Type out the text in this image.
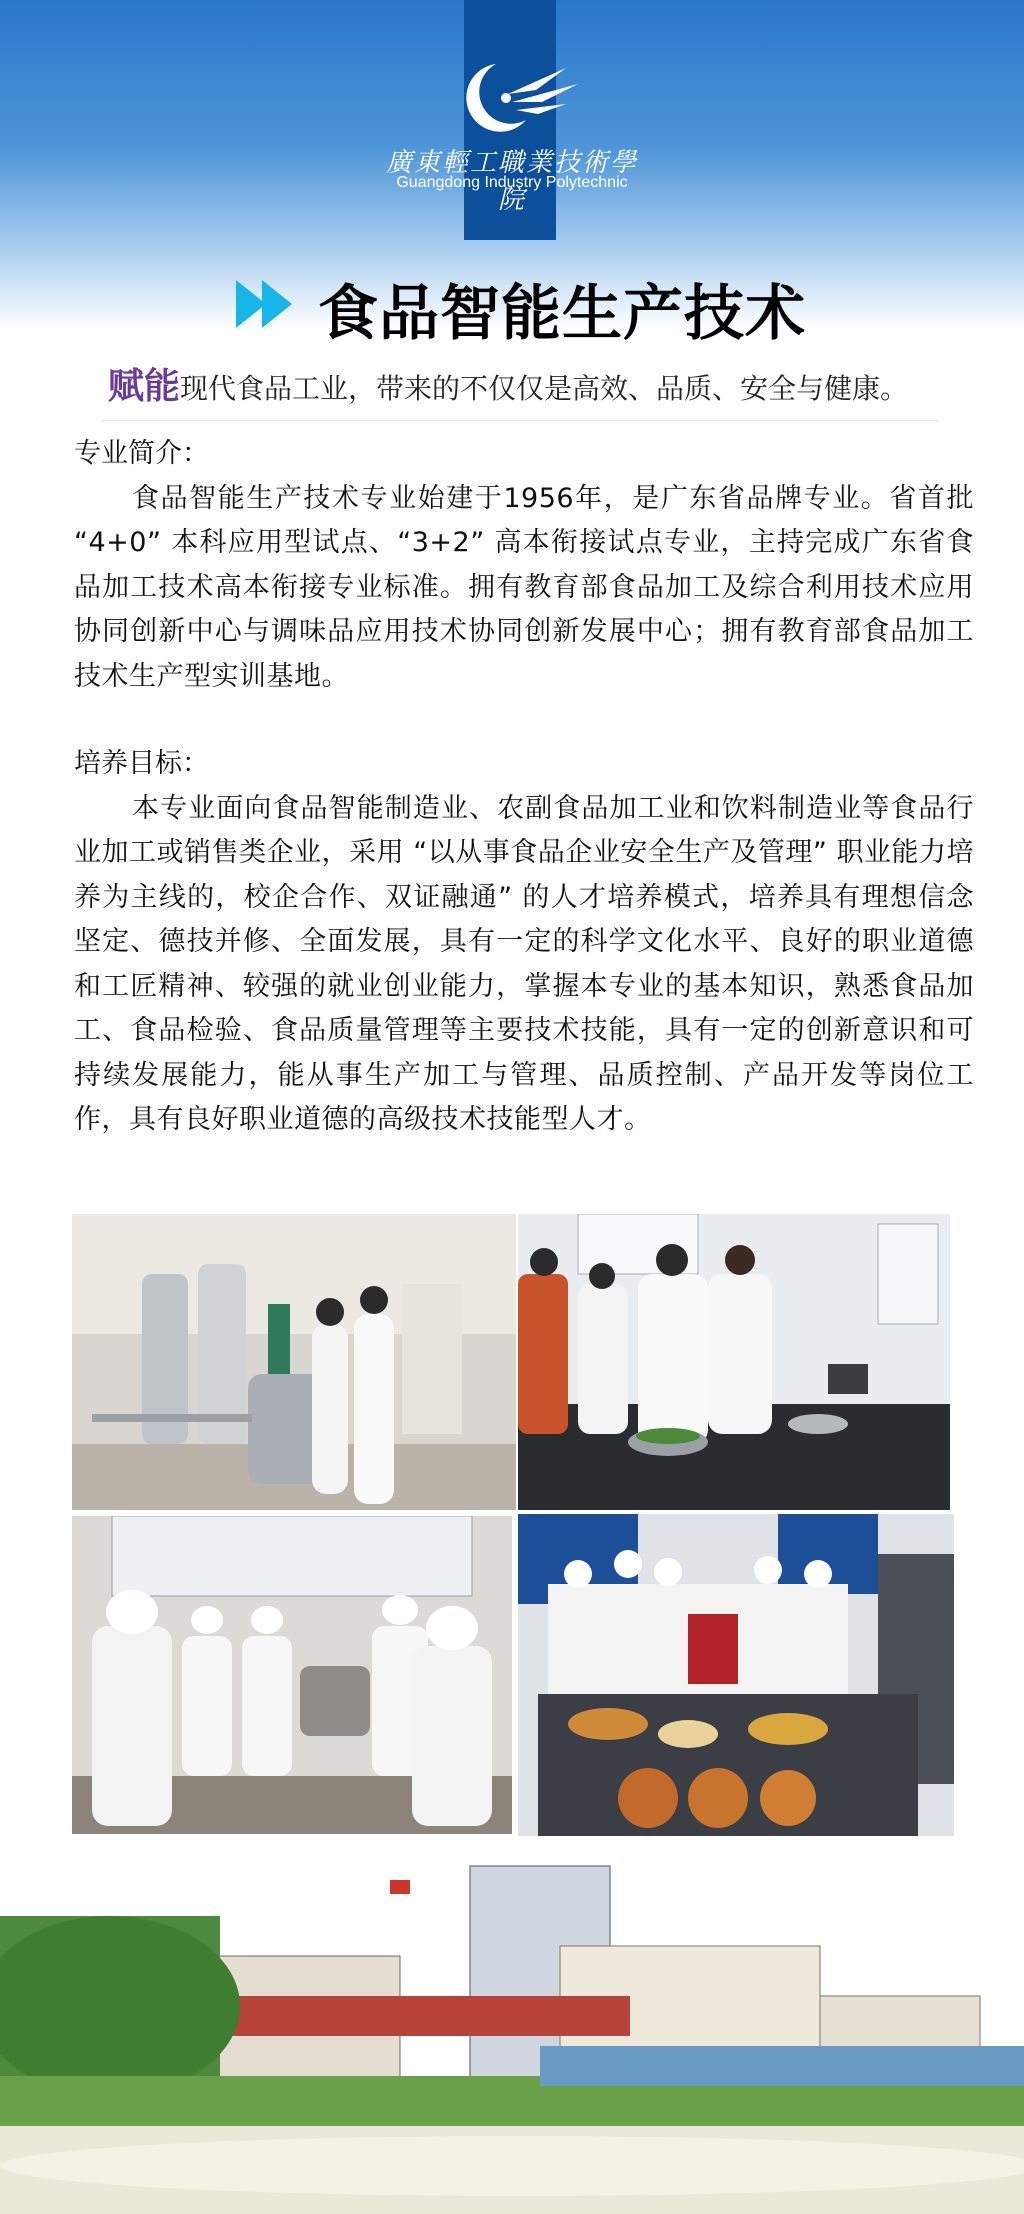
廣東輕工職業技術學院
Guangdong Industry Polytechnic
食品智能生产技术
赋能现代食品工业，带来的不仅仅是高效、品质、安全与健康。
专业简介：
食品智能生产技术专业始建于1956年，是广东省品牌专业。省首批 “4+0” 本科应用型试点、“3+2” 高本衔接试点专业，主持完成广东省食品加工技术高本衔接专业标准。拥有教育部食品加工及综合利用技术应用协同创新中心与调味品应用技术协同创新发展中心；拥有教育部食品加工技术生产型实训基地。
培养目标：
本专业面向食品智能制造业、农副食品加工业和饮料制造业等食品行业加工或销售类企业，采用 “以从事食品企业安全生产及管理” 职业能力培养为主线的，校企合作、双证融通” 的人才培养模式，培养具有理想信念坚定、德技并修、全面发展，具有一定的科学文化水平、良好的职业道德和工匠精神、较强的就业创业能力，掌握本专业的基本知识，熟悉食品加工、食品检验、食品质量管理等主要技术技能，具有一定的创新意识和可持续发展能力，能从事生产加工与管理、品质控制、产品开发等岗位工作，具有良好职业道德的高级技术技能型人才。
